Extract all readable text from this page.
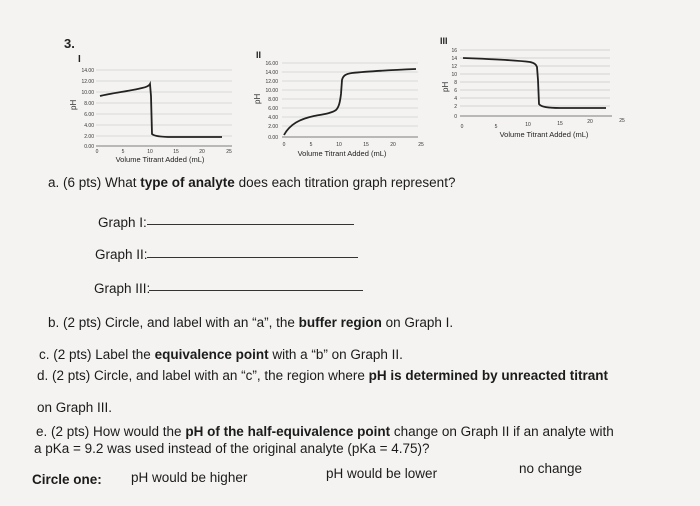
3.
I
14.00
12.00
10.00
8.00
6.00
4.00
2.00
0.00
pH
0	5	10	15	20	25
Volume Titrant Added (mL)
II
16.00
14.00
12.00
10.00
8.00
6.00
4.00
2.00
0.00
pH
0	5	10	15	20	25
Volume Titrant Added (mL)
III
16
14
12
10
8
6
4
2
0
pH
0	5	10	15	20	25
Volume Titrant Added (mL)
a. (6 pts) What type of analyte does each titration graph represent?
Graph I:
Graph II:
Graph III:
b. (2 pts) Circle, and label with an “a”, the buffer region on Graph I.
c. (2 pts) Label the equivalence point with a “b” on Graph II.
d. (2 pts) Circle, and label with an “c”, the region where pH is determined by unreacted titrant
on Graph III.
e. (2 pts) How would the pH of the half-equivalence point change on Graph II if an analyte with
a pKa = 9.2 was used instead of the original analyte (pKa = 4.75)?
Circle one: pH would be higher	pH would be lower	no change
